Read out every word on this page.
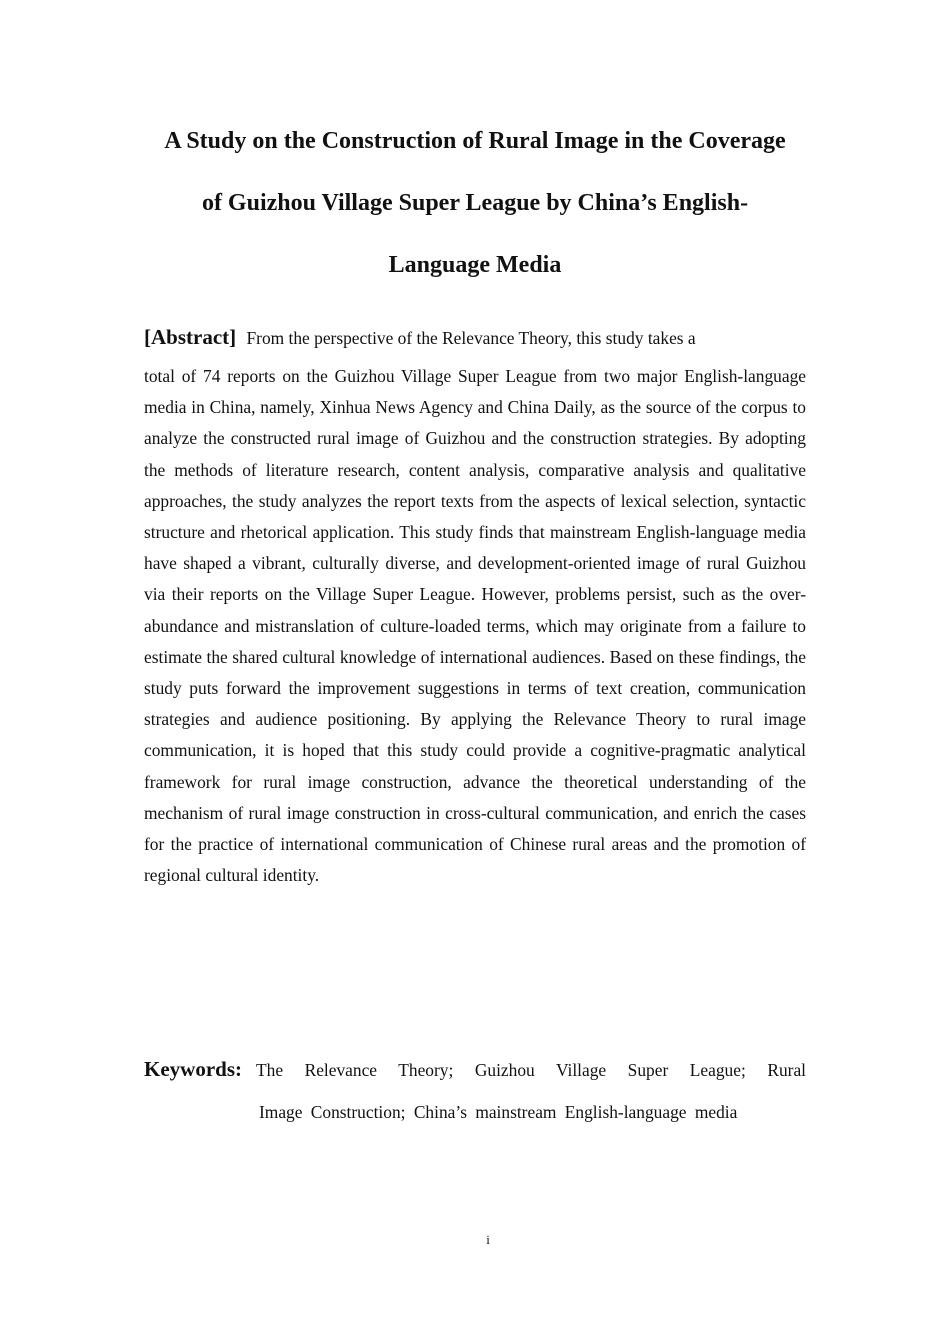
A Study on the Construction of Rural Image in the Coverage
of Guizhou Village Super League by China’s English-
Language Media
[Abstract] From the perspective of the Relevance Theory, this study takes a
total of 74 reports on the Guizhou Village Super League from two major English-language media in China, namely, Xinhua News Agency and China Daily, as the source of the corpus to analyze the constructed rural image of Guizhou and the construction strategies. By adopting the methods of literature research, content analysis, comparative analysis and qualitative approaches, the study analyzes the report texts from the aspects of lexical selection, syntactic structure and rhetorical application. This study finds that mainstream English-language media have shaped a vibrant, culturally diverse, and development-oriented image of rural Guizhou via their reports on the Village Super League. However, problems persist, such as the over-abundance and mistranslation of culture-loaded terms, which may originate from a failure to estimate the shared cultural knowledge of international audiences. Based on these findings, the study puts forward the improvement suggestions in terms of text creation, communication strategies and audience positioning. By applying the Relevance Theory to rural image communication, it is hoped that this study could provide a cognitive-pragmatic analytical framework for rural image construction, advance the theoretical understanding of the mechanism of rural image construction in cross-cultural communication, and enrich the cases for the practice of international communication of Chinese rural areas and the promotion of regional cultural identity.
Keywords: The Relevance Theory; Guizhou Village Super League; Rural
Image Construction; China’s mainstream English-language media
i
